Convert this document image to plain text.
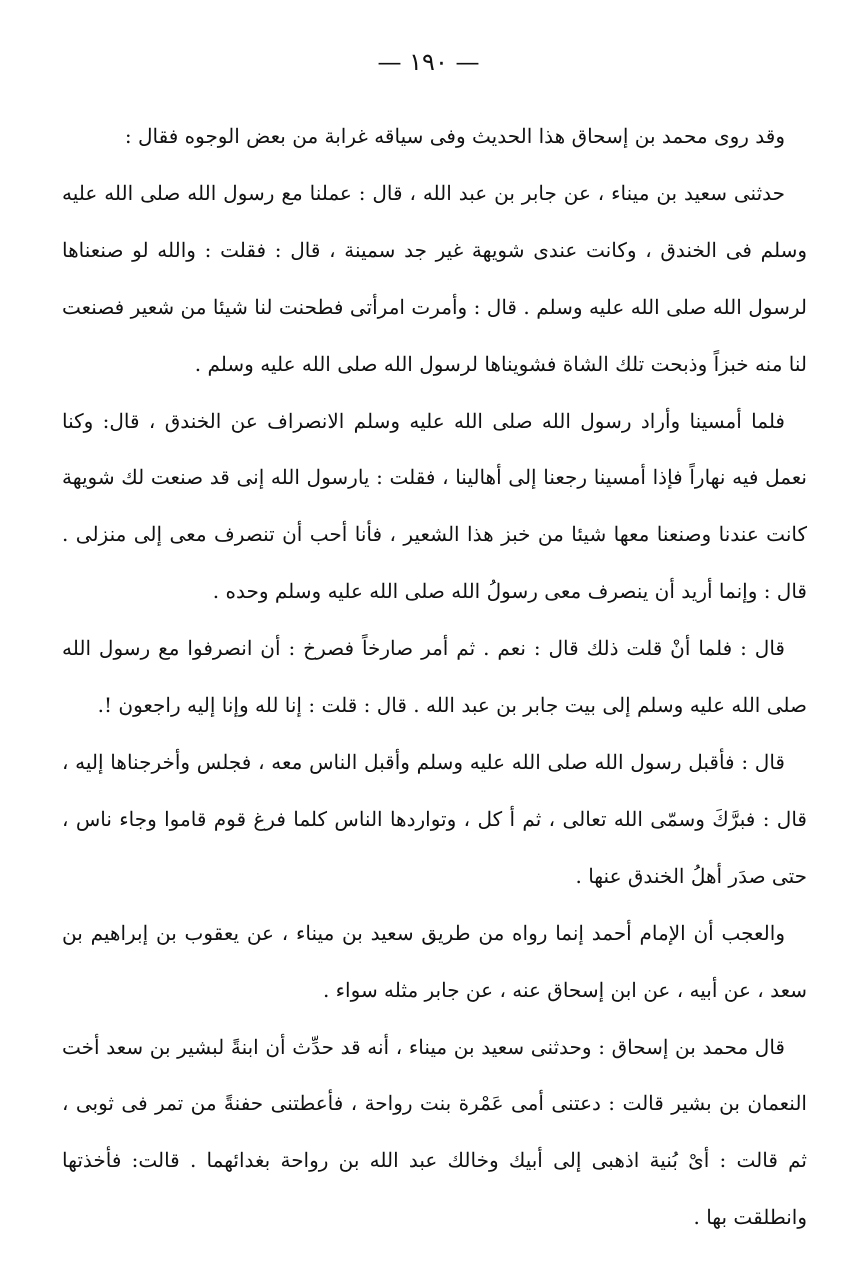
— ١٩٠ —

وقد روى محمد بن إسحاق هذا الحديث وفى سياقه غرابة من بعض الوجوه فقال :

حدثنى سعيد بن ميناء ، عن جابر بن عبد الله ، قال : عملنا مع رسول الله صلى الله عليه وسلم فى الخندق ، وكانت عندى شويهة غير جد سمينة ، قال : فقلت : والله لو صنعناها لرسول الله صلى الله عليه وسلم . قال : وأمرت امرأتى فطحنت لنا شيئا من شعير فصنعت لنا منه خبزاً وذبحت تلك الشاة فشويناها لرسول الله صلى الله عليه وسلم .

فلما أمسينا وأراد رسول الله صلى الله عليه وسلم الانصراف عن الخندق ، قال: وكنا نعمل فيه نهاراً فإذا أمسينا رجعنا إلى أهالينا ، فقلت : يارسول الله إنى قد صنعت لك شويهة كانت عندنا وصنعنا معها شيئا من خبز هذا الشعير ، فأنا أحب أن تنصرف معى إلى منزلى . قال : وإنما أريد أن ينصرف معى رسولُ الله صلى الله عليه وسلم وحده .

قال : فلما أنْ قلت ذلك قال : نعم . ثم أمر صارخاً فصرخ : أن انصرفوا مع رسول الله صلى الله عليه وسلم إلى بيت جابر بن عبد الله . قال : قلت : إنا لله وإنا إليه راجعون !.

قال : فأقبل رسول الله صلى الله عليه وسلم وأقبل الناس معه ، فجلس وأخرجناها إليه ، قال : فبرَّكَ وسمّى الله تعالى ، ثم أ كل ، وتواردها الناس كلما فرغ قوم قاموا وجاء ناس ، حتى صدَر أهلُ الخندق عنها .

والعجب أن الإمام أحمد إنما رواه من طريق سعيد بن ميناء ، عن يعقوب بن إبراهيم بن سعد ، عن أبيه ، عن ابن إسحاق عنه ، عن جابر مثله سواء .

قال محمد بن إسحاق : وحدثنى سعيد بن ميناء ، أنه قد حدِّث أن ابنةً لبشير بن سعد أخت النعمان بن بشير قالت : دعتنى أمى عَمْرة بنت رواحة ، فأعطتنى حفنةً من تمر فى ثوبى ، ثم قالت : أىْ بُنية اذهبى إلى أبيك وخالك عبد الله بن رواحة بغدائهما . قالت: فأخذتها وانطلقت بها .
